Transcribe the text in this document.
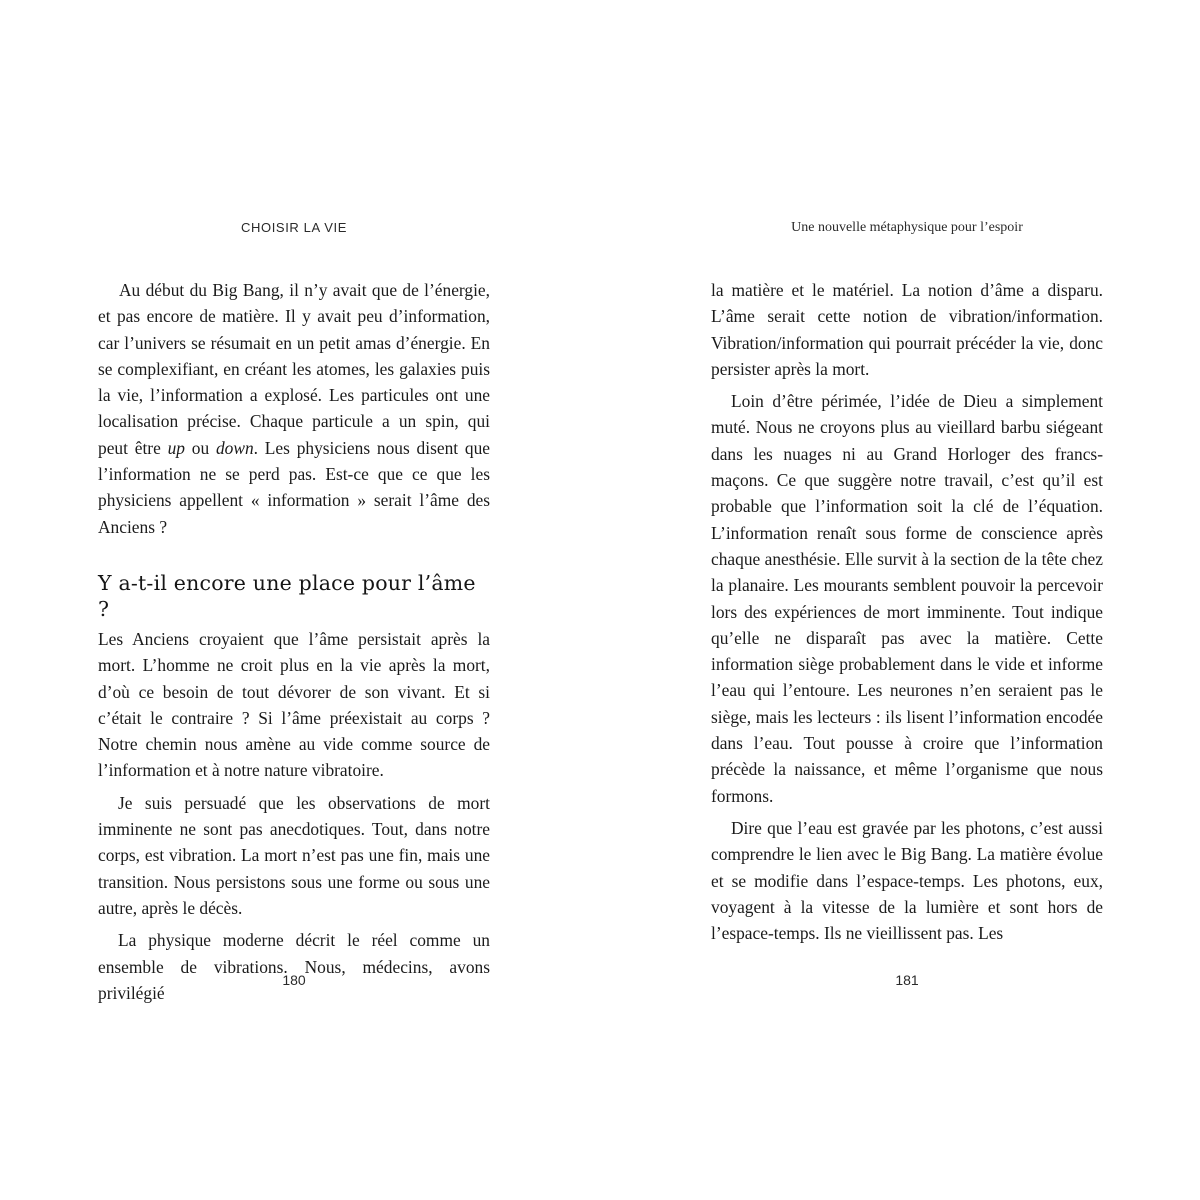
CHOISIR LA VIE

Au début du Big Bang, il n’y avait que de l’énergie, et pas encore de matière. Il y avait peu d’information, car l’univers se résumait en un petit amas d’énergie. En se complexifiant, en créant les atomes, les galaxies puis la vie, l’information a explosé. Les particules ont une localisation précise. Chaque particule a un spin, qui peut être up ou down. Les physiciens nous disent que l’information ne se perd pas. Est-ce que ce que les physiciens appellent « information » serait l’âme des Anciens ?

Y a-t-il encore une place pour l’âme ?

Les Anciens croyaient que l’âme persistait après la mort. L’homme ne croit plus en la vie après la mort, d’où ce besoin de tout dévorer de son vivant. Et si c’était le contraire ? Si l’âme préexistait au corps ? Notre chemin nous amène au vide comme source de l’information et à notre nature vibratoire.

Je suis persuadé que les observations de mort imminente ne sont pas anecdotiques. Tout, dans notre corps, est vibration. La mort n’est pas une fin, mais une transition. Nous persistons sous une forme ou sous une autre, après le décès.

La physique moderne décrit le réel comme un ensemble de vibrations. Nous, médecins, avons privilégié

180
Une nouvelle métaphysique pour l’espoir

la matière et le matériel. La notion d’âme a disparu. L’âme serait cette notion de vibration/information. Vibration/information qui pourrait précéder la vie, donc persister après la mort.

Loin d’être périmée, l’idée de Dieu a simplement muté. Nous ne croyons plus au vieillard barbu siégeant dans les nuages ni au Grand Horloger des francs-maçons. Ce que suggère notre travail, c’est qu’il est probable que l’information soit la clé de l’équation. L’information renaît sous forme de conscience après chaque anesthésie. Elle survit à la section de la tête chez la planaire. Les mourants semblent pouvoir la percevoir lors des expériences de mort imminente. Tout indique qu’elle ne disparaît pas avec la matière. Cette information siège probablement dans le vide et informe l’eau qui l’entoure. Les neurones n’en seraient pas le siège, mais les lecteurs : ils lisent l’information encodée dans l’eau. Tout pousse à croire que l’information précède la naissance, et même l’organisme que nous formons.

Dire que l’eau est gravée par les photons, c’est aussi comprendre le lien avec le Big Bang. La matière évolue et se modifie dans l’espace-temps. Les photons, eux, voyagent à la vitesse de la lumière et sont hors de l’espace-temps. Ils ne vieillissent pas. Les

181
